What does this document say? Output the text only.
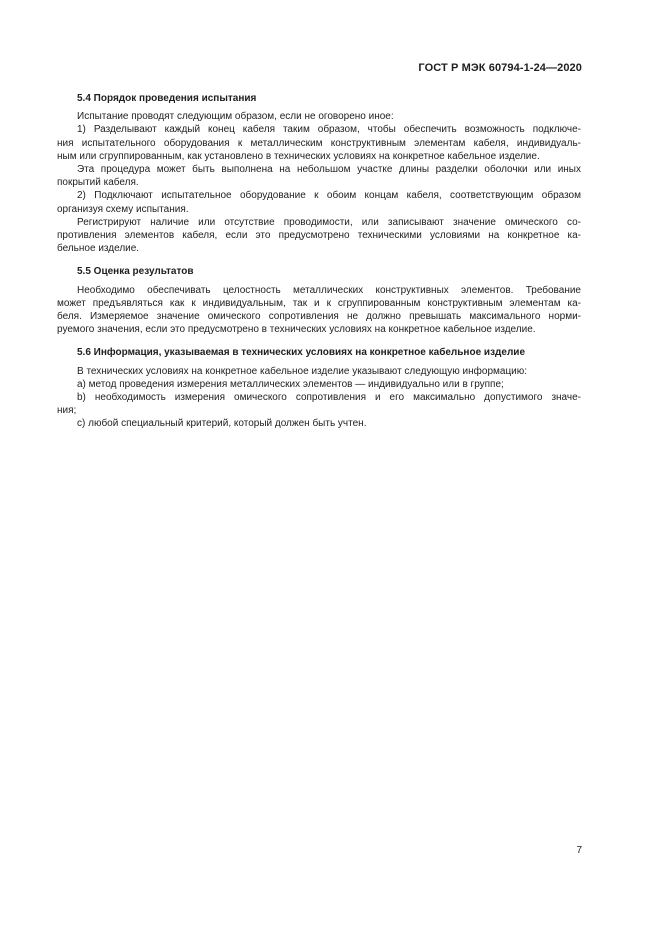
ГОСТ Р МЭК 60794-1-24—2020
5.4 Порядок проведения испытания
Испытание проводят следующим образом, если не оговорено иное:
1) Разделывают каждый конец кабеля таким образом, чтобы обеспечить возможность подключе-
ния испытательного оборудования к металлическим конструктивным элементам кабеля, индивидуаль-
ным или сгруппированным, как установлено в технических условиях на конкретное кабельное изделие.
Эта процедура может быть выполнена на небольшом участке длины разделки оболочки или иных
покрытий кабеля.
2) Подключают испытательное оборудование к обоим концам кабеля, соответствующим образом
организуя схему испытания.
Регистрируют наличие или отсутствие проводимости, или записывают значение омического со-
противления элементов кабеля, если это предусмотрено техническими условиями на конкретное ка-
бельное изделие.
5.5 Оценка результатов
Необходимо обеспечивать целостность металлических конструктивных элементов. Требование
может предъявляться как к индивидуальным, так и к сгруппированным конструктивным элементам ка-
беля. Измеряемое значение омического сопротивления не должно превышать максимального норми-
руемого значения, если это предусмотрено в технических условиях на конкретное кабельное изделие.
5.6 Информация, указываемая в технических условиях на конкретное кабельное изделие
В технических условиях на конкретное кабельное изделие указывают следующую информацию:
a) метод проведения измерения металлических элементов — индивидуально или в группе;
b) необходимость измерения омического сопротивления и его максимально допустимого значе-
ния;
c) любой специальный критерий, который должен быть учтен.
7
